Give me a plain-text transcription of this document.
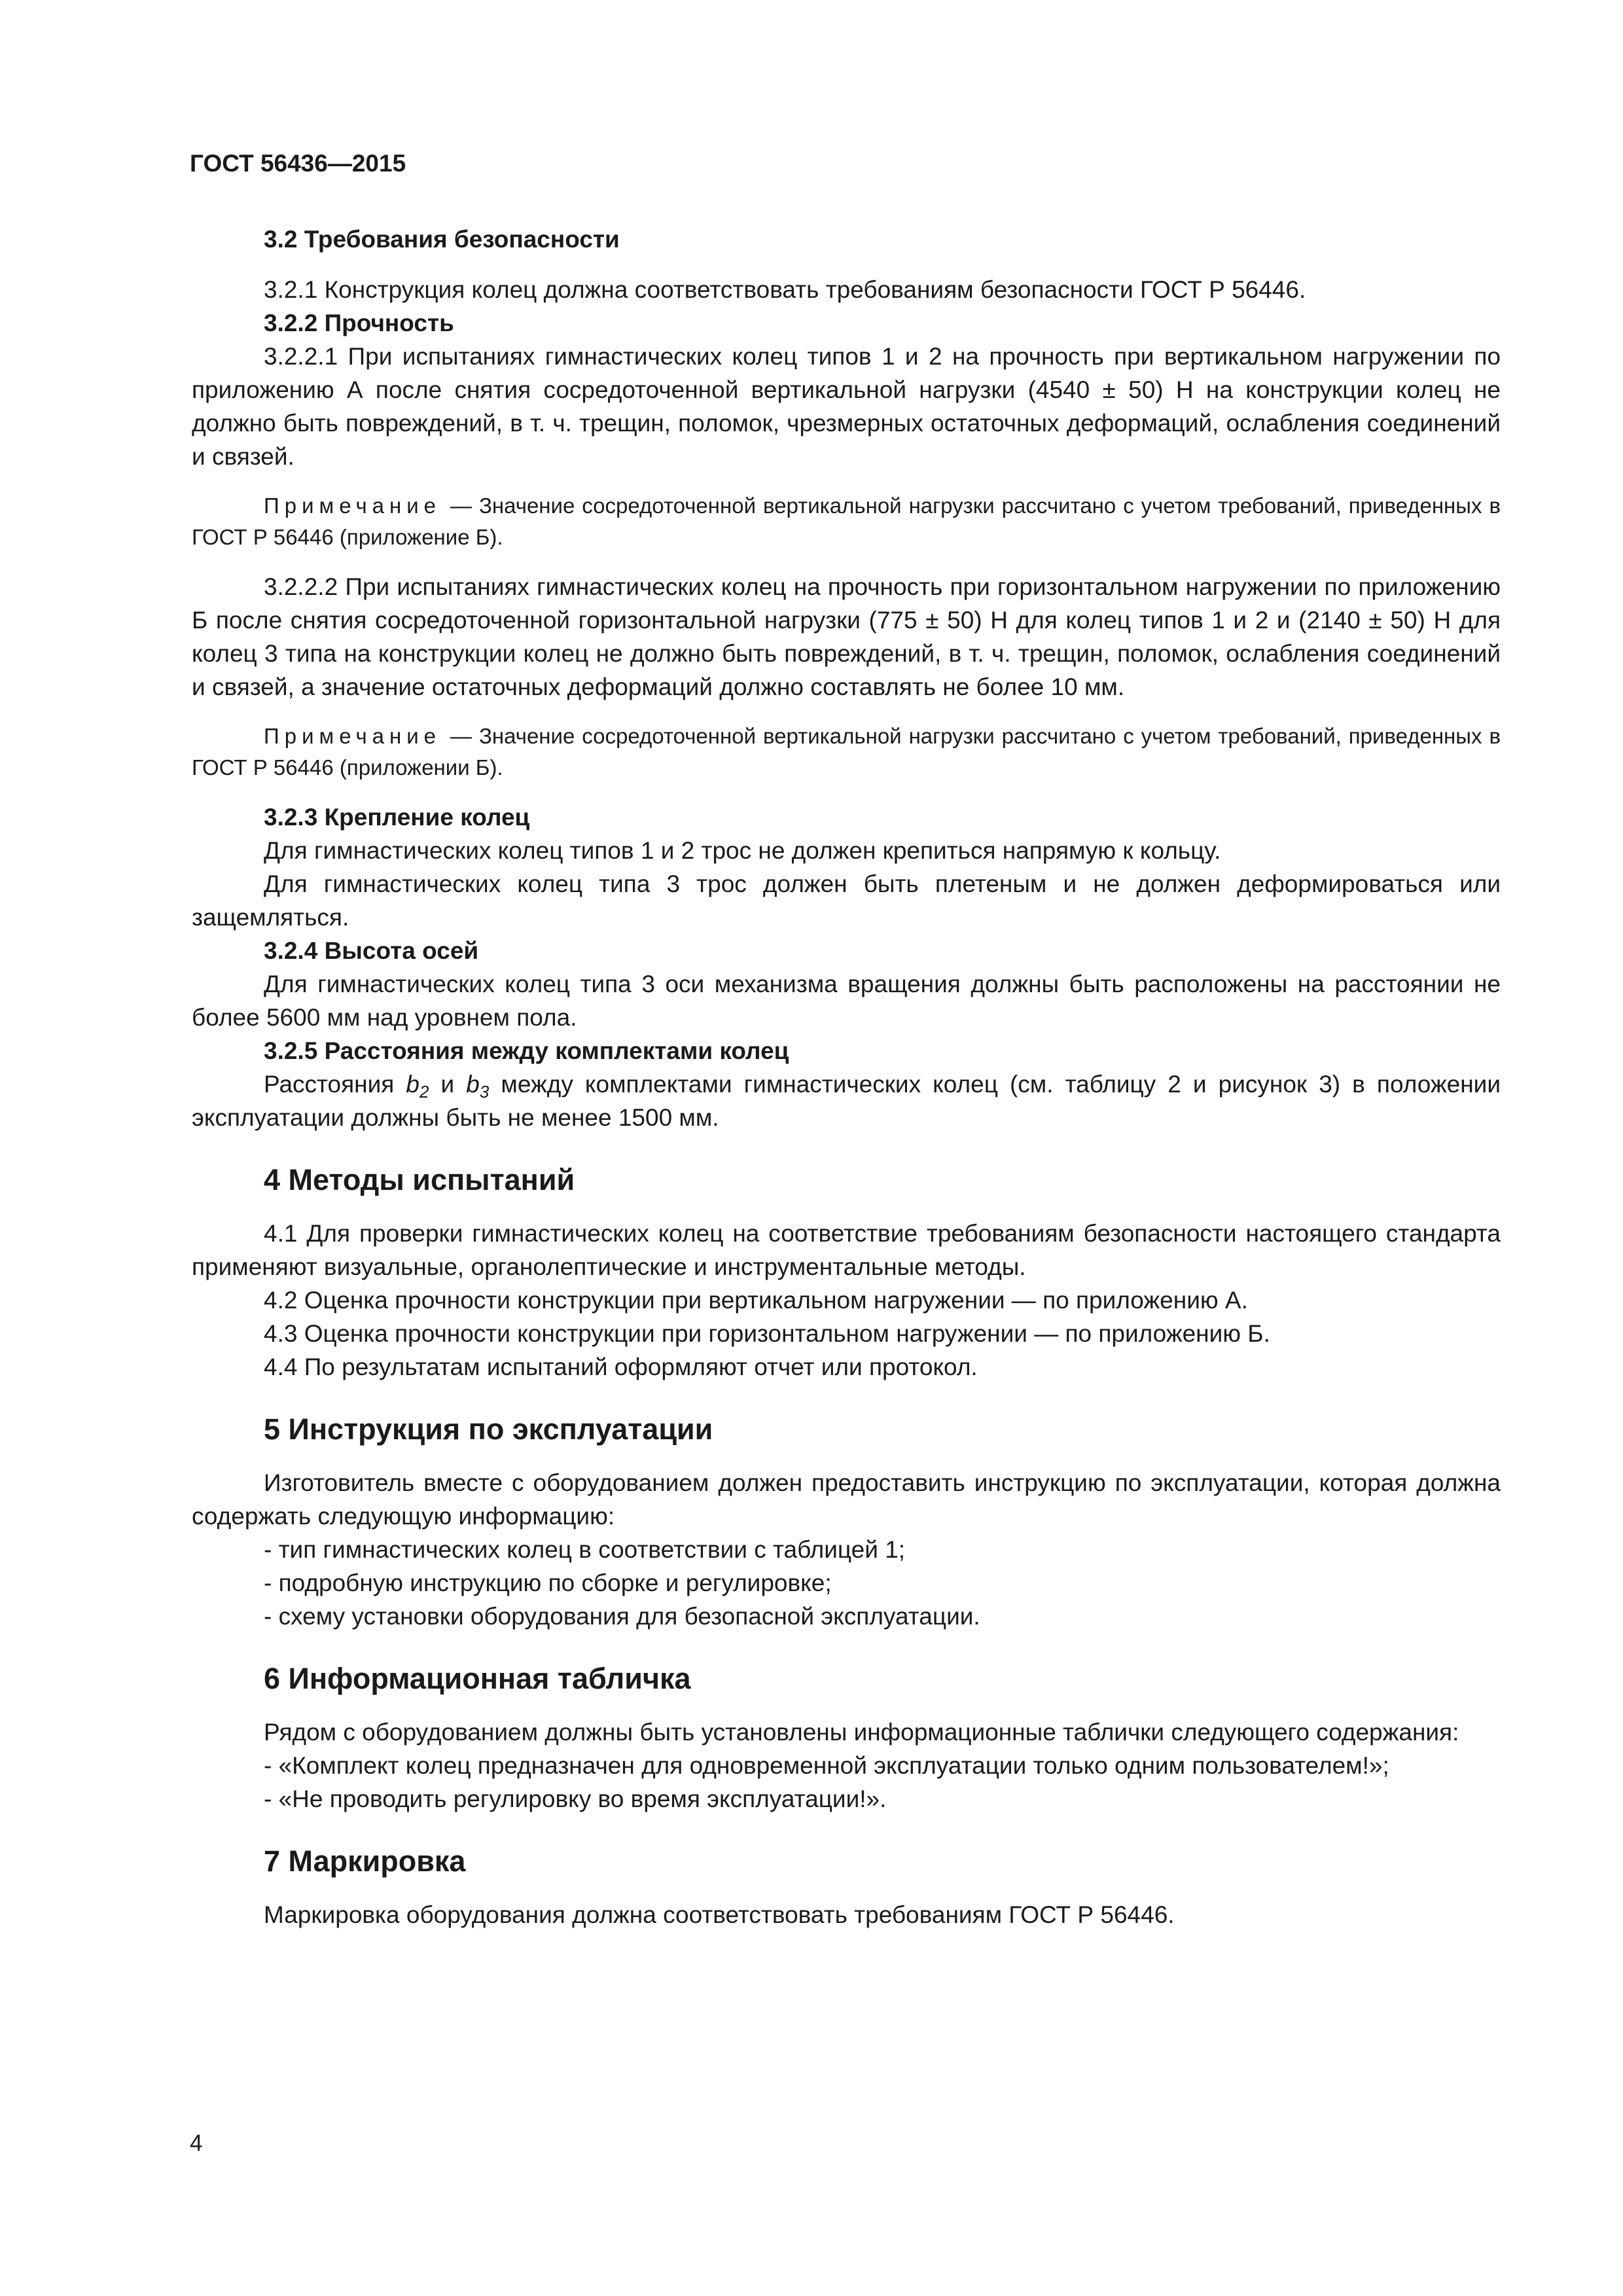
ГОСТ 56436—2015
3.2 Требования безопасности

3.2.1 Конструкция колец должна соответствовать требованиям безопасности ГОСТ Р 56446.

3.2.2 Прочность

3.2.2.1 При испытаниях гимнастических колец типов 1 и 2 на прочность при вертикальном нагружении по приложению А после снятия сосредоточенной вертикальной нагрузки (4540 ± 50) Н на конструкции колец не должно быть повреждений, в т. ч. трещин, поломок, чрезмерных остаточных деформаций, ослабления соединений и связей.

Примечание — Значение сосредоточенной вертикальной нагрузки рассчитано с учетом требований, приведенных в ГОСТ Р 56446 (приложение Б).

3.2.2.2 При испытаниях гимнастических колец на прочность при горизонтальном нагружении по приложению Б после снятия сосредоточенной горизонтальной нагрузки (775 ± 50) Н для колец типов 1 и 2 и (2140 ± 50) Н для колец 3 типа на конструкции колец не должно быть повреждений, в т. ч. трещин, поломок, ослабления соединений и связей, а значение остаточных деформаций должно составлять не более 10 мм.

Примечание — Значение сосредоточенной вертикальной нагрузки рассчитано с учетом требований, приведенных в ГОСТ Р 56446 (приложении Б).

3.2.3 Крепление колец

Для гимнастических колец типов 1 и 2 трос не должен крепиться напрямую к кольцу.

Для гимнастических колец типа 3 трос должен быть плетеным и не должен деформироваться или защемляться.

3.2.4 Высота осей

Для гимнастических колец типа 3 оси механизма вращения должны быть расположены на расстоянии не более 5600 мм над уровнем пола.

3.2.5 Расстояния между комплектами колец

Расстояния $b_2$ и $b_3$ между комплектами гимнастических колец (см. таблицу 2 и рисунок 3) в положении эксплуатации должны быть не менее 1500 мм.

4 Методы испытаний

4.1 Для проверки гимнастических колец на соответствие требованиям безопасности настоящего стандарта применяют визуальные, органолептические и инструментальные методы.

4.2 Оценка прочности конструкции при вертикальном нагружении — по приложению А.

4.3 Оценка прочности конструкции при горизонтальном нагружении — по приложению Б.

4.4 По результатам испытаний оформляют отчет или протокол.

5 Инструкция по эксплуатации

Изготовитель вместе с оборудованием должен предоставить инструкцию по эксплуатации, которая должна содержать следующую информацию:

- тип гимнастических колец в соответствии с таблицей 1;
- подробную инструкцию по сборке и регулировке;
- схему установки оборудования для безопасной эксплуатации.
6 Информационная табличка

Рядом с оборудованием должны быть установлены информационные таблички следующего содержания:

- «Комплект колец предназначен для одновременной эксплуатации только одним пользователем!»;

- «Не проводить регулировку во время эксплуатации!».
7 Маркировка

Маркировка оборудования должна соответствовать требованиям ГОСТ Р 56446.

4
